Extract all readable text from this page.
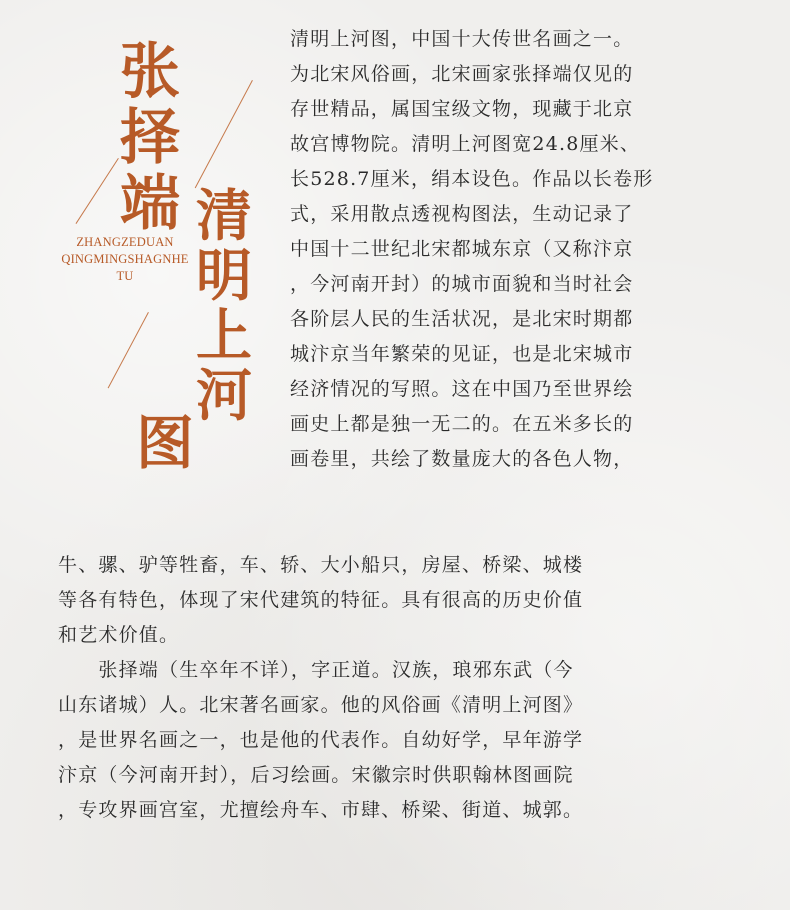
张
择
端 清
明
上
河
图
ZHANGZEDUAN
QINGMINGSHAGNHE
TU
清明上河图，中国十大传世名画之一。
为北宋风俗画，北宋画家张择端仅见的
存世精品，属国宝级文物，现藏于北京
故宫博物院。清明上河图宽24.8厘米、
长528.7厘米，绢本设色。作品以长卷形
式，采用散点透视构图法，生动记录了
中国十二世纪北宋都城东京（又称汴京
，今河南开封）的城市面貌和当时社会
各阶层人民的生活状况，是北宋时期都
城汴京当年繁荣的见证，也是北宋城市
经济情况的写照。这在中国乃至世界绘
画史上都是独一无二的。在五米多长的
画卷里，共绘了数量庞大的各色人物，
牛、骡、驴等牲畜，车、轿、大小船只，房屋、桥梁、城楼
等各有特色，体现了宋代建筑的特征。具有很高的历史价值
和艺术价值。
　　张择端（生卒年不详），字正道。汉族，琅邪东武（今
山东诸城）人。北宋著名画家。他的风俗画《清明上河图》
，是世界名画之一，也是他的代表作。自幼好学，早年游学
汴京（今河南开封），后习绘画。宋徽宗时供职翰林图画院
，专攻界画宫室，尤擅绘舟车、市肆、桥梁、街道、城郭。
